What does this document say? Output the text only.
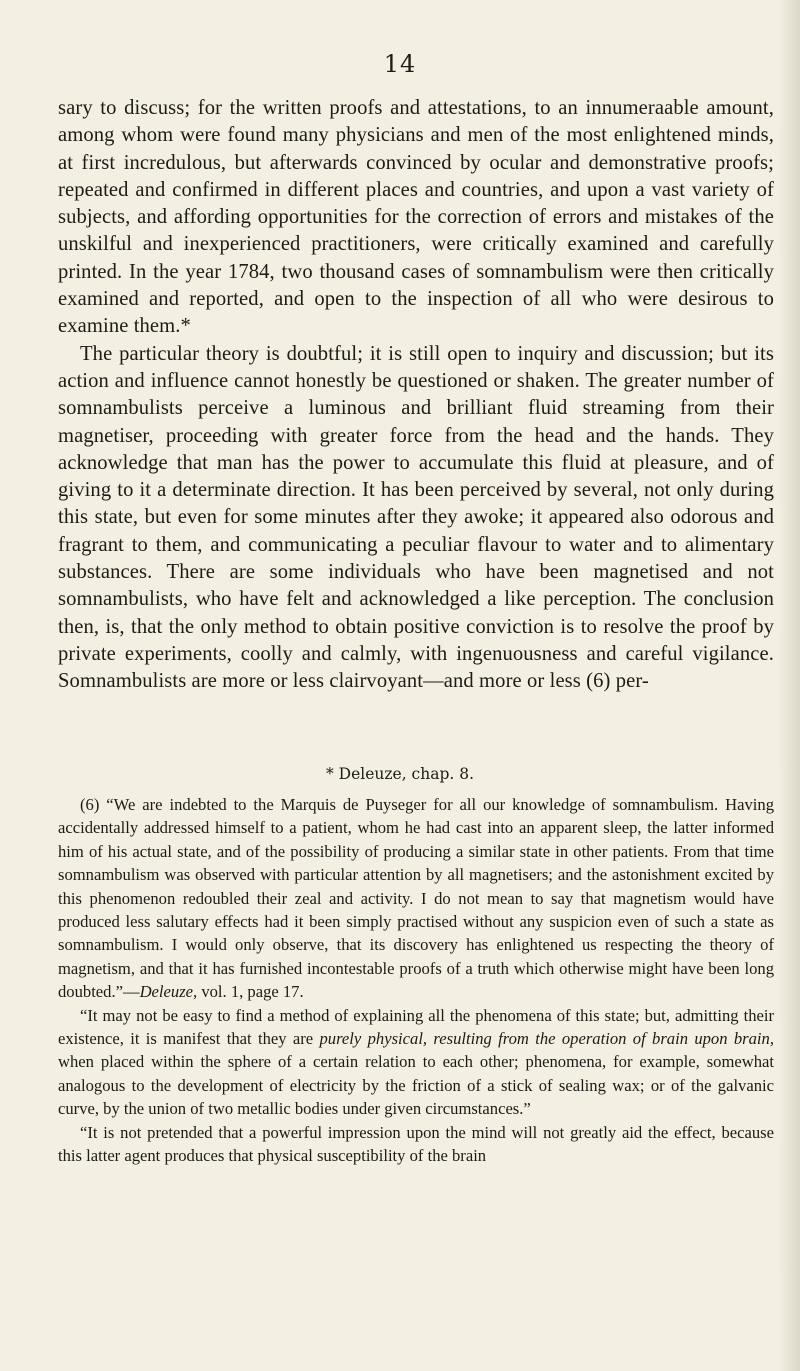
14

sary to discuss; for the written proofs and attestations, to an innumeraable amount, among whom were found many physicians and men of the most enlightened minds, at first incredulous, but afterwards convinced by ocular and demonstrative proofs; repeated and confirmed in different places and countries, and upon a vast variety of subjects, and affording opportunities for the correction of errors and mistakes of the unskilful and inexperienced practitioners, were critically examined and carefully printed. In the year 1784, two thousand cases of somnambulism were then critically examined and reported, and open to the inspection of all who were desirous to examine them.*

The particular theory is doubtful; it is still open to inquiry and discussion; but its action and influence cannot honestly be questioned or shaken. The greater number of somnambulists perceive a luminous and brilliant fluid streaming from their magnetiser, proceeding with greater force from the head and the hands. They acknowledge that man has the power to accumulate this fluid at pleasure, and of giving to it a determinate direction. It has been perceived by several, not only during this state, but even for some minutes after they awoke; it appeared also odorous and fragrant to them, and communicating a peculiar flavour to water and to alimentary substances. There are some individuals who have been magnetised and not somnambulists, who have felt and acknowledged a like perception. The conclusion then, is, that the only method to obtain positive conviction is to resolve the proof by private experiments, coolly and calmly, with ingenuousness and careful vigilance. Somnambulists are more or less clairvoyant—and more or less (6) per-

* Deleuze, chap. 8.

(6) “We are indebted to the Marquis de Puyseger for all our knowledge of somnambulism. Having accidentally addressed himself to a patient, whom he had cast into an apparent sleep, the latter informed him of his actual state, and of the possibility of producing a similar state in other patients. From that time somnambulism was observed with particular attention by all magnetisers; and the astonishment excited by this phenomenon redoubled their zeal and activity. I do not mean to say that magnetism would have produced less salutary effects had it been simply practised without any suspicion even of such a state as somnambulism. I would only observe, that its discovery has enlightened us respecting the theory of magnetism, and that it has furnished incontestable proofs of a truth which otherwise might have been long doubted.”—Deleuze, vol. 1, page 17.

“It may not be easy to find a method of explaining all the phenomena of this state; but, admitting their existence, it is manifest that they are purely physical, resulting from the operation of brain upon brain, when placed within the sphere of a certain relation to each other; phenomena, for example, somewhat analogous to the development of electricity by the friction of a stick of sealing wax; or of the galvanic curve, by the union of two metallic bodies under given circumstances.”

“It is not pretended that a powerful impression upon the mind will not greatly aid the effect, because this latter agent produces that physical susceptibility of the brain
